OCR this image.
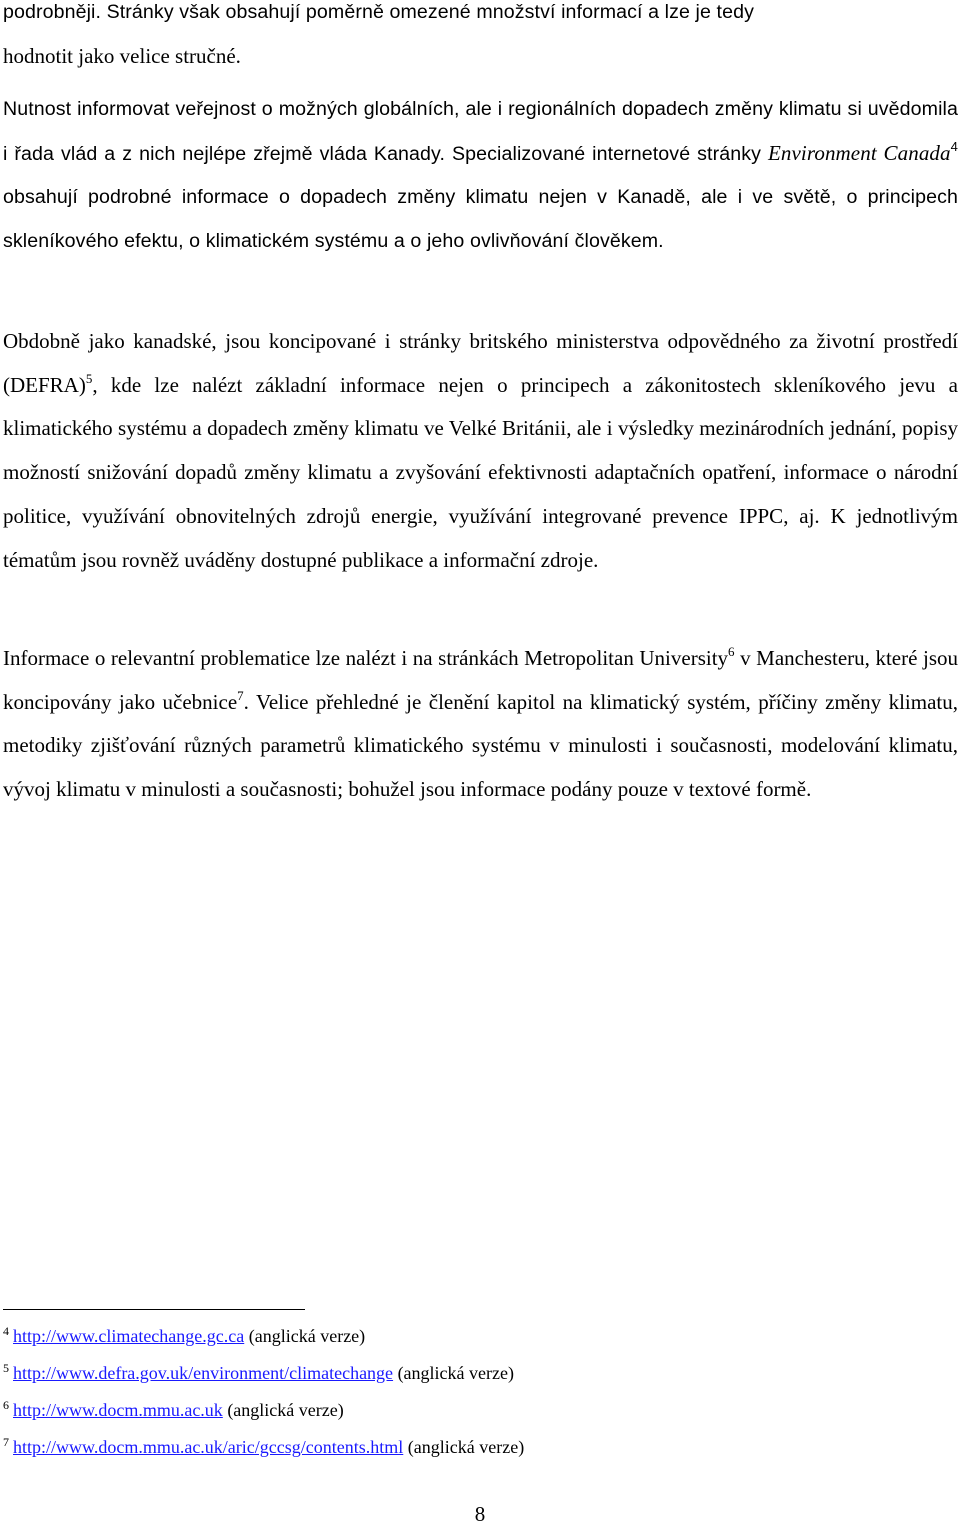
podrobněji. Stránky však obsahují poměrně omezené množství informací a lze je tedy
hodnotit jako velice stručné.

Nutnost informovat veřejnost o možných globálních, ale i regionálních dopadech změny klimatu si uvědomila i řada vlád a z nich nejlépe zřejmě vláda Kanady. Specializované internetové stránky Environment Canada$^4$ obsahují podrobné informace o dopadech změny klimatu nejen v Kanadě, ale i ve světě, o principech skleníkového efektu, o klimatickém systému a o jeho ovlivňování člověkem.

Obdobně jako kanadské, jsou koncipované i stránky britského ministerstva odpovědného za životní prostředí (DEFRA)$^5$, kde lze nalézt základní informace nejen o principech a zákonitostech skleníkového jevu a klimatického systému a dopadech změny klimatu ve Velké Británii, ale i výsledky mezinárodních jednání, popisy možností snižování dopadů změny klimatu a zvyšování efektivnosti adaptačních opatření, informace o národní politice, využívání obnovitelných zdrojů energie, využívání integrované prevence IPPC, aj. K jednotlivým tématům jsou rovněž uváděny dostupné publikace a informační zdroje.

Informace o relevantní problematice lze nalézt i na stránkách Metropolitan University$^6$ v Manchesteru, které jsou koncipovány jako učebnice$^7$. Velice přehledné je členění kapitol na klimatický systém, příčiny změny klimatu, metodiky zjišťování různých parametrů klimatického systému v minulosti i současnosti, modelování klimatu, vývoj klimatu v minulosti a současnosti; bohužel jsou informace podány pouze v textové formě.

$^4$ http://www.climatechange.gc.ca (anglická verze)
$^5$ http://www.defra.gov.uk/environment/climatechange (anglická verze)
$^6$ http://www.docm.mmu.ac.uk (anglická verze)
$^7$ http://www.docm.mmu.ac.uk/aric/gccsg/contents.html (anglická verze)
8
